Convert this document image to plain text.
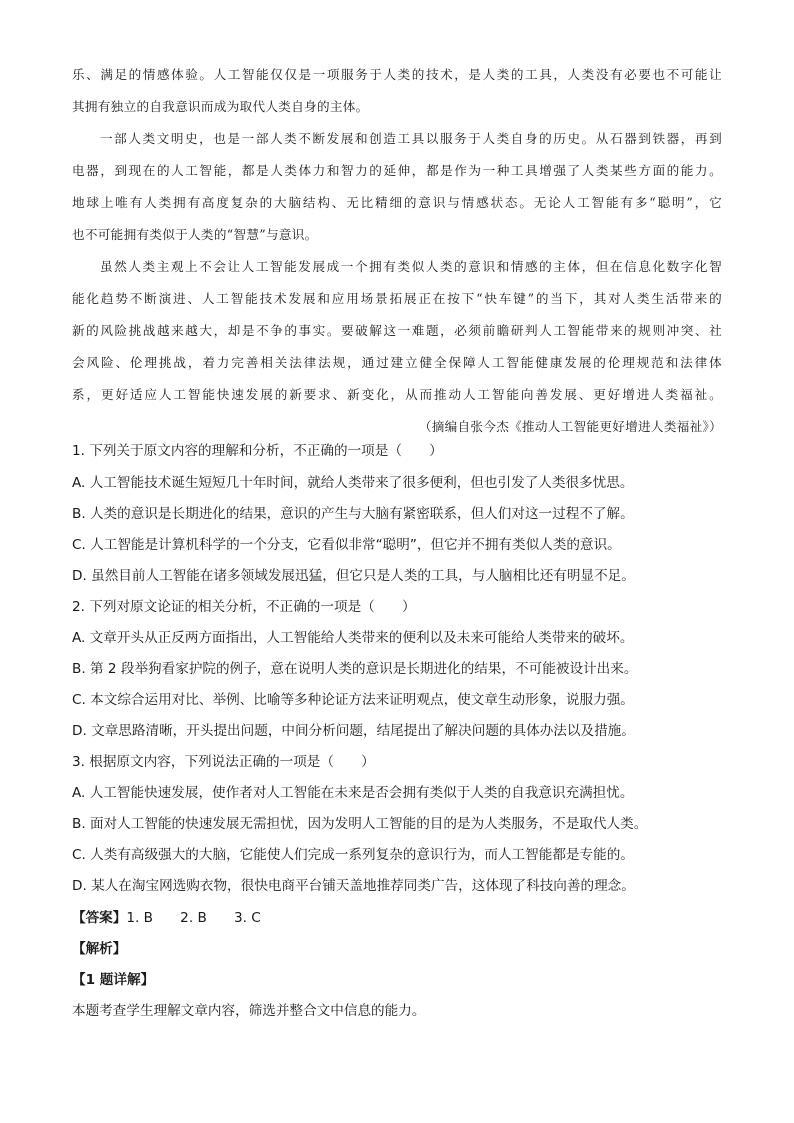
乐、满足的情感体验。人工智能仅仅是一项服务于人类的技术，是人类的工具，人类没有必要也不可能让
其拥有独立的自我意识而成为取代人类自身的主体。
一部人类文明史，也是一部人类不断发展和创造工具以服务于人类自身的历史。从石器到铁器，再到
电器，到现在的人工智能，都是人类体力和智力的延伸，都是作为一种工具增强了人类某些方面的能力。
地球上唯有人类拥有高度复杂的大脑结构、无比精细的意识与情感状态。无论人工智能有多“聪明”，它
也不可能拥有类似于人类的“智慧”与意识。
虽然人类主观上不会让人工智能发展成一个拥有类似人类的意识和情感的主体，但在信息化数字化智
能化趋势不断演进、人工智能技术发展和应用场景拓展正在按下“快车键”的当下，其对人类生活带来的
新的风险挑战越来越大，却是不争的事实。要破解这一难题，必须前瞻研判人工智能带来的规则冲突、社
会风险、伦理挑战，着力完善相关法律法规，通过建立健全保障人工智能健康发展的伦理规范和法律体
系，更好适应人工智能快速发展的新要求、新变化，从而推动人工智能向善发展、更好增进人类福祉。
（摘编自张今杰《推动人工智能更好增进人类福祉》）
1. 下列关于原文内容的理解和分析，不正确的一项是（　　）
A. 人工智能技术诞生短短几十年时间，就给人类带来了很多便利，但也引发了人类很多忧思。
B. 人类的意识是长期进化的结果，意识的产生与大脑有紧密联系，但人们对这一过程不了解。
C. 人工智能是计算机科学的一个分支，它看似非常“聪明”，但它并不拥有类似人类的意识。
D. 虽然目前人工智能在诸多领域发展迅猛，但它只是人类的工具，与人脑相比还有明显不足。
2. 下列对原文论证的相关分析，不正确的一项是（　　）
A. 文章开头从正反两方面指出，人工智能给人类带来的便利以及未来可能给人类带来的破坏。
B. 第 2 段举狗看家护院的例子，意在说明人类的意识是长期进化的结果，不可能被设计出来。
C. 本文综合运用对比、举例、比喻等多种论证方法来证明观点，使文章生动形象，说服力强。
D. 文章思路清晰，开头提出问题，中间分析问题，结尾提出了解决问题的具体办法以及措施。
3. 根据原文内容，下列说法正确的一项是（　　）
A. 人工智能快速发展，使作者对人工智能在未来是否会拥有类似于人类的自我意识充满担忧。
B. 面对人工智能的快速发展无需担忧，因为发明人工智能的目的是为人类服务，不是取代人类。
C. 人类有高级强大的大脑，它能使人们完成一系列复杂的意识行为，而人工智能都是专能的。
D. 某人在淘宝网选购衣物，很快电商平台铺天盖地推荐同类广告，这体现了科技向善的理念。
【答案】1. B　　2. B　　3. C
【解析】
【1 题详解】
本题考查学生理解文章内容，筛选并整合文中信息的能力。
